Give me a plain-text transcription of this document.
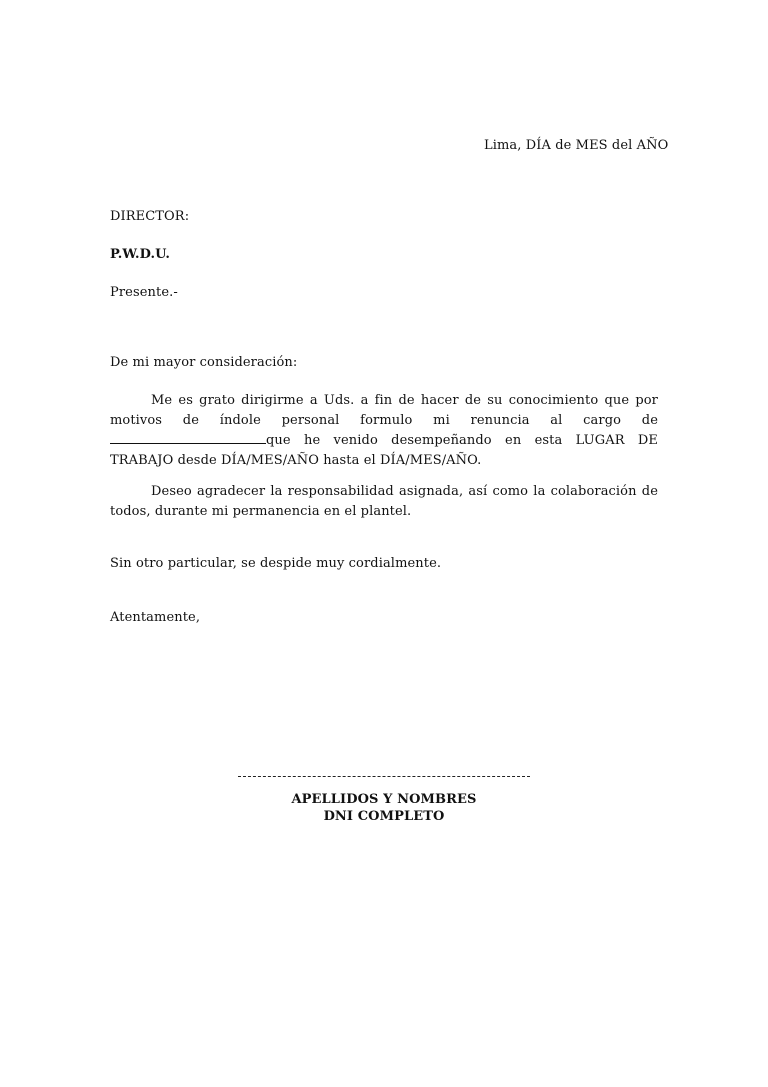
Lima, DÍA de MES del AÑO

DIRECTOR:

P.W.D.U.

Presente.-

De mi mayor consideración:

Me es grato dirigirme a Uds. a fin de hacer de su conocimiento que por motivos de índole personal formulo mi renuncia al cargo de que he venido desempeñando en esta LUGAR DE TRABAJO desde DÍA/MES/AÑO hasta el DÍA/MES/AÑO.

Deseo agradecer la responsabilidad asignada, así como la colaboración de todos, durante mi permanencia en el plantel.

Sin otro particular, se despide muy cordialmente.

Atentamente,

APELLIDOS Y NOMBRES

DNI COMPLETO
